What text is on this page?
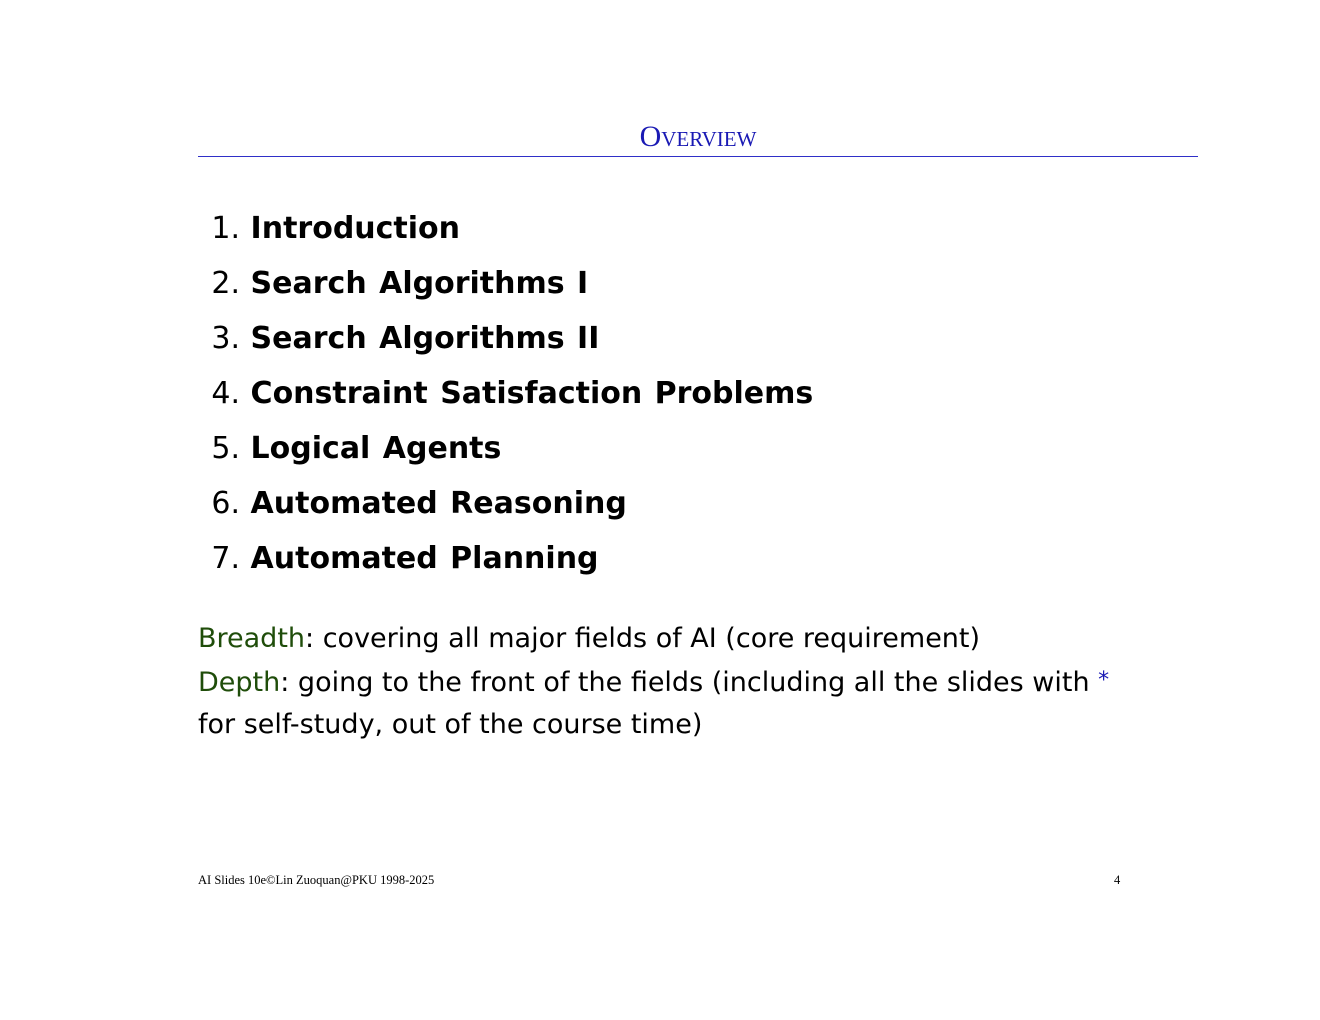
Overview
1. Introduction
2. Search Algorithms I
3. Search Algorithms II
4. Constraint Satisfaction Problems
5. Logical Agents
6. Automated Reasoning
7. Automated Planning
Breadth: covering all major fields of AI (core requirement)
Depth: going to the front of the fields (including all the slides with *
for self-study, out of the course time)
AI Slides 10e©Lin Zuoquan@PKU 1998-2025	4
